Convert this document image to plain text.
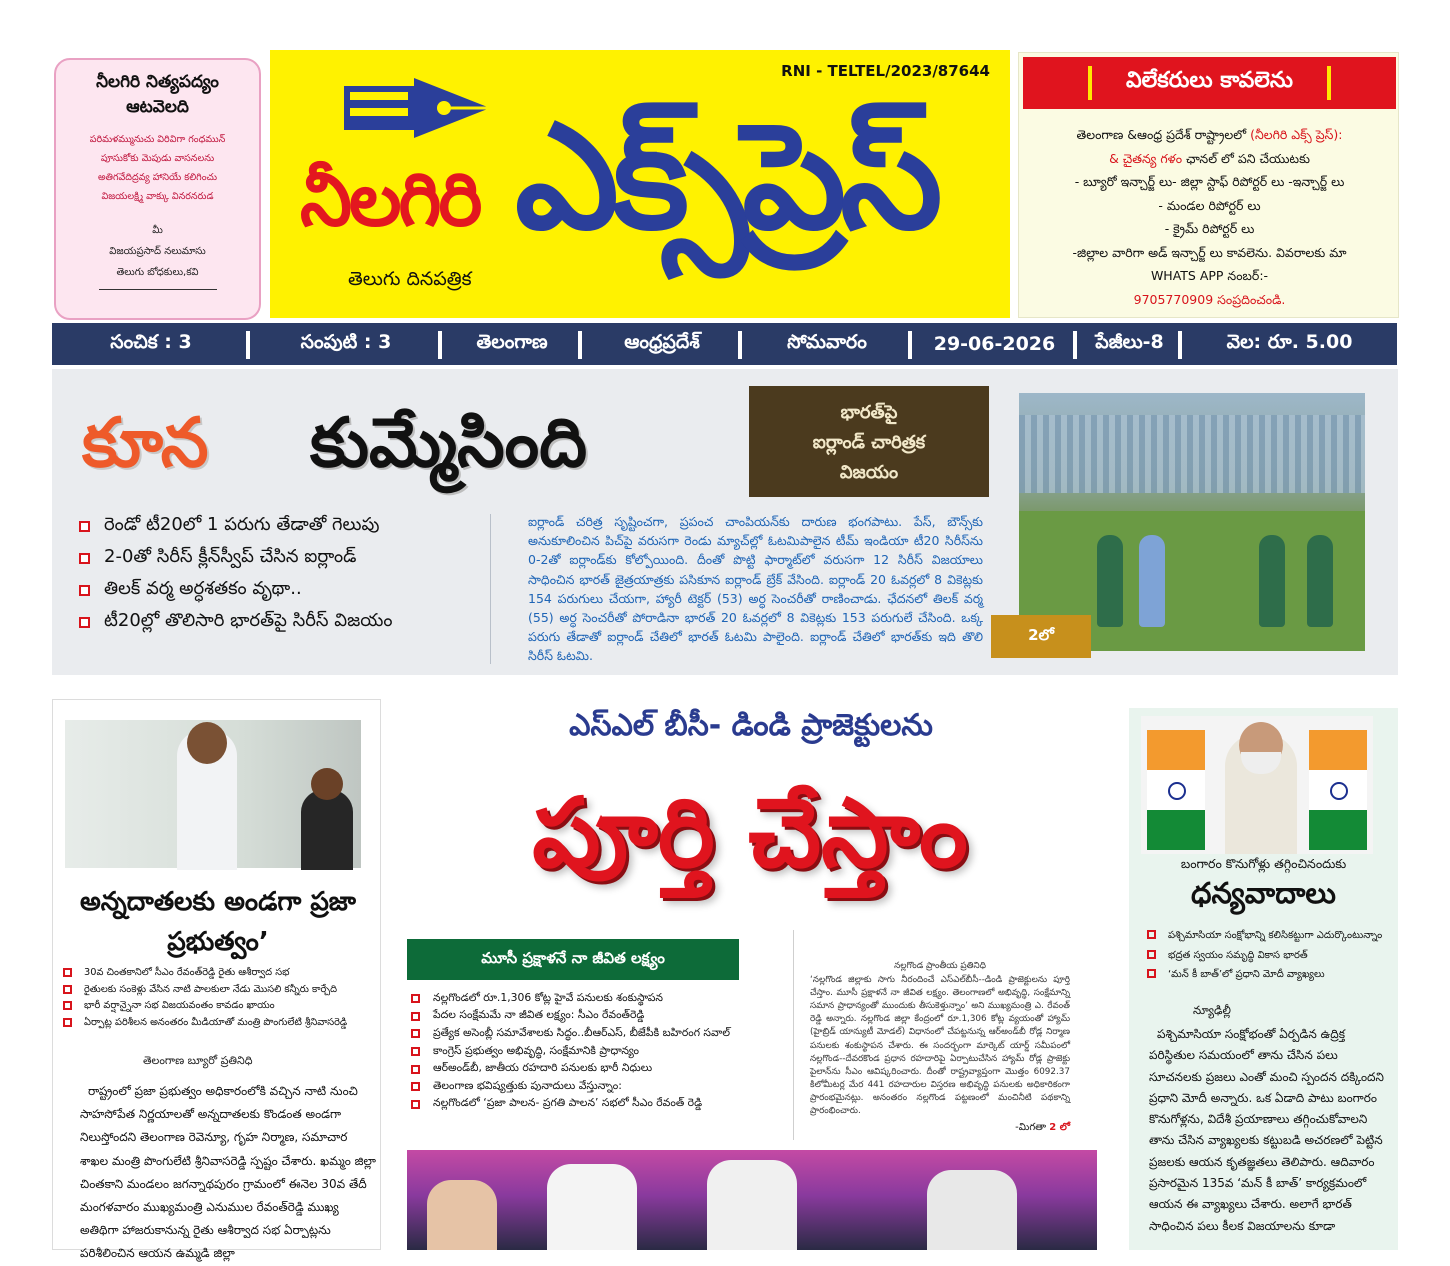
నీలగిరి నిత్యపద్యం
ఆటవెలది
పరిమళమ్మునుచు విరివిగా గంధమున్
పూసుకోకు మెపుడు వాసనలను
అతిగవేదిద్రవ్య హానియే కలిగించు
విజయలక్ష్మి వాక్కు వినరనరుడ
మీ
విజయప్రసాద్ నలుమాసు
తెలుగు బోధకులు,కవి
RNI - TELTEL/2023/87644
నీలగిరి ఎక్స్‌ప్రెస్
తెలుగు దినపత్రిక
విలేకరులు కావలెను
తెలంగాణ &ఆంధ్ర ప్రదేశ్ రాష్ట్రాలలో (నీలగిరి ఎక్స్ ప్రెస్):
& చైతన్య గళం ఛానల్ లో పని చేయుటకు
- బ్యూరో ఇన్చార్జ్ లు- జిల్లా స్టాఫ్ రిపోర్టర్ లు -ఇన్చార్జ్ లు
- మండల రిపోర్టర్ లు
- క్రైమ్ రిపోర్టర్ లు
-జిల్లాల వారిగా అడ్ ఇన్చార్జ్ లు కావలెను. వివరాలకు మా
WHATS APP నంబర్:-
9705770909 సంప్రదించండి.
సంచిక : 3	సంపుటి : 3	తెలంగాణ	ఆంధ్రప్రదేశ్	సోమవారం	29-06-2026	పేజీలు-8	వెల: రూ. 5.00
కూన కుమ్మేసింది	భారత్‌పై
ఐర్లాండ్ చారిత్రక
విజయం
రెండో టీ20లో 1 పరుగు తేడాతో గెలుపు
2-0తో సిరీస్ క్లీన్‌స్వీప్ చేసిన ఐర్లాండ్
తిలక్ వర్మ అర్ధశతకం వృథా..
టీ20ల్లో తొలిసారి భారత్‌పై సిరీస్ విజయం
ఐర్లాండ్ చరిత్ర సృష్టించగా, ప్రపంచ చాంపియన్‌కు దారుణ భంగపాటు. పేస్, బౌన్స్‌కు అనుకూలించిన పిచ్‌పై వరుసగా రెండు మ్యాచ్‌ల్లో ఓటమిపాలైన టీమ్ ఇండియా టీ20 సిరీస్‌ను 0-2తో ఐర్లాండ్‌కు కోల్పోయింది. దీంతో పొట్టి ఫార్మాట్‌లో వరుసగా 12 సిరీస్ విజయాలు సాధించిన భారత్ జైత్రయాత్రకు పసికూన ఐర్లాండ్ బ్రేక్ వేసింది. ఐర్లాండ్ 20 ఓవర్లలో 8 వికెట్లకు 154 పరుగులు చేయగా, హ్యారీ టెక్టర్ (53) అర్ధ సెంచరీతో రాణించాడు. ఛేదనలో తిలక్ వర్మ (55) అర్ధ సెంచరీతో పోరాడినా భారత్ 20 ఓవర్లలో 8 వికెట్లకు 153 పరుగులే చేసింది. ఒక్క పరుగు తేడాతో ఐర్లాండ్ చేతిలో భారత్ ఓటమి పాలైంది. ఐర్లాండ్ చేతిలో భారత్‌కు ఇది తొలి సిరీస్ ఓటమి.
2లో
అన్నదాతలకు అండగా ప్రజా ప్రభుత్వం’
30వ చింతకానిలో సీఎం రేవంత్‌రెడ్డి రైతు ఆశీర్వాద సభ
రైతులకు సంకెళ్లు వేసిన నాటి పాలకులా నేడు మొసలి కన్నీరు కార్చేది
భారీ వర్షాన్నైనా సభ విజయవంతం కావడం ఖాయం
ఏర్పాట్ల పరిశీలన అనంతరం మీడియాతో మంత్రి పొంగులేటి శ్రీనివాసరెడ్డి
తెలంగాణ బ్యూరో ప్రతినిధి
రాష్ట్రంలో ప్రజా ప్రభుత్వం అధికారంలోకి వచ్చిన నాటి నుంచి సాహసోపేత నిర్ణయాలతో అన్నదాతలకు కొండంత అండగా నిలుస్తోందని తెలంగాణ రెవెన్యూ, గృహ నిర్మాణ, సమాచార శాఖల మంత్రి పొంగులేటి శ్రీనివాసరెడ్డి స్పష్టం చేశారు. ఖమ్మం జిల్లా చింతకాని మండలం జగన్నాథపురం గ్రామంలో ఈనెల 30వ తేదీ మంగళవారం ముఖ్యమంత్రి ఎనుముల రేవంత్‌రెడ్డి ముఖ్య అతిథిగా హాజరుకానున్న రైతు ఆశీర్వాద సభ ఏర్పాట్లను పరిశీలించిన ఆయన ఉమ్మడి జిల్లా
ఎస్ఎల్ బీసీ- డిండి ప్రాజెక్టులను
పూర్తి చేస్తాం
మూసీ ప్రక్షాళనే నా జీవిత లక్ష్యం
నల్లగొండలో రూ.1,306 కోట్ల హైవే పనులకు శంకుస్థాపన
పేదల సంక్షేమమే నా జీవిత లక్ష్యం: సీఎం రేవంత్‌రెడ్డి
ప్రత్యేక అసెంబ్లీ సమావేశాలకు సిద్ధం..బీఆర్ఎస్, బీజేపీకి బహిరంగ సవాల్
కాంగ్రెస్ ప్రభుత్వం అభివృద్ధి, సంక్షేమానికి ప్రాధాన్యం
ఆర్అండ్‌బీ, జాతీయ రహదారి పనులకు భారీ నిధులు
తెలంగాణ భవిష్యత్తుకు పునాదులు వేస్తున్నాం:
నల్లగొండలో ‘ప్రజా పాలన- ప్రగతి పాలన’ సభలో సీఎం రేవంత్ రెడ్డి
నల్లగొండ ప్రాంతీయ ప్రతినిధి
‘నల్లగొండ జిల్లాకు సాగు నీరందించే ఎస్ఎల్‌బీసీ--డిండి ప్రాజెక్టులను పూర్తి చేస్తాం. మూసీ ప్రక్షాళనే నా జీవిత లక్ష్యం. తెలంగాణలో అభివృద్ధి, సంక్షేమాన్ని సమాన ప్రాధాన్యంతో ముందుకు తీసుకెళ్తున్నాం’ అని ముఖ్యమంత్రి ఎ. రేవంత్ రెడ్డి అన్నారు. నల్లగొండ జిల్లా కేంద్రంలో రూ.1,306 కోట్ల వ్యయంతో హ్యామ్ (హైబ్రిడ్ యాన్యుటీ మోడల్) విధానంలో చేపట్టనున్న ఆర్అండ్‌బీ రోడ్ల నిర్మాణ పనులకు శంకుస్థాపన చేశారు. ఈ సందర్భంగా మార్కెట్ యార్డ్ సమీపంలో నల్లగొండ--దేవరకొండ ప్రధాన రహదారిపై ఏర్పాటుచేసిన హ్యామ్ రోడ్ల ప్రాజెక్టు పైలాన్‌ను సీఎం ఆవిష్కరించారు. దీంతో రాష్ట్రవ్యాప్తంగా మొత్తం 6092.37 కిలోమీటర్ల మేర 441 రహదారుల విస్తరణ అభివృద్ధి పనులకు అధికారికంగా ప్రారంభమైనట్లు. అనంతరం నల్లగొండ పట్టణంలో మంచినీటి పథకాన్ని ప్రారంభించారు.
-మిగతా 2 లో
బంగారం కొనుగోళ్లు తగ్గించినందుకు
ధన్యవాదాలు
పశ్చిమాసియా సంక్షోభాన్ని కలిసికట్టుగా ఎదుర్కొంటున్నాం
భద్రత స్వయం సమృద్ధి వికాస భారత్
‘మన్ కీ బాత్’లో ప్రధాని మోదీ వ్యాఖ్యలు
న్యూఢిల్లీ
పశ్చిమాసియా సంక్షోభంతో ఏర్పడిన ఉద్రిక్త పరిస్థితుల సమయంలో తాను చేసిన పలు సూచనలకు ప్రజలు ఎంతో మంచి స్పందన దక్కిందని ప్రధాని మోదీ అన్నారు. ఒక ఏడాది పాటు బంగారం కొనుగోళ్లను, విదేశీ ప్రయాణాలు తగ్గించుకోవాలని తాను చేసిన వ్యాఖ్యలకు కట్టుబడి అచరణలో పెట్టిన ప్రజలకు ఆయన కృతజ్ఞతలు తెలిపారు. ఆదివారం ప్రసారమైన 135వ ‘మన్ కీ బాత్’ కార్యక్రమంలో ఆయన ఈ వ్యాఖ్యలు చేశారు. అలాగే భారత్ సాధించిన పలు కీలక విజయాలను కూడా
